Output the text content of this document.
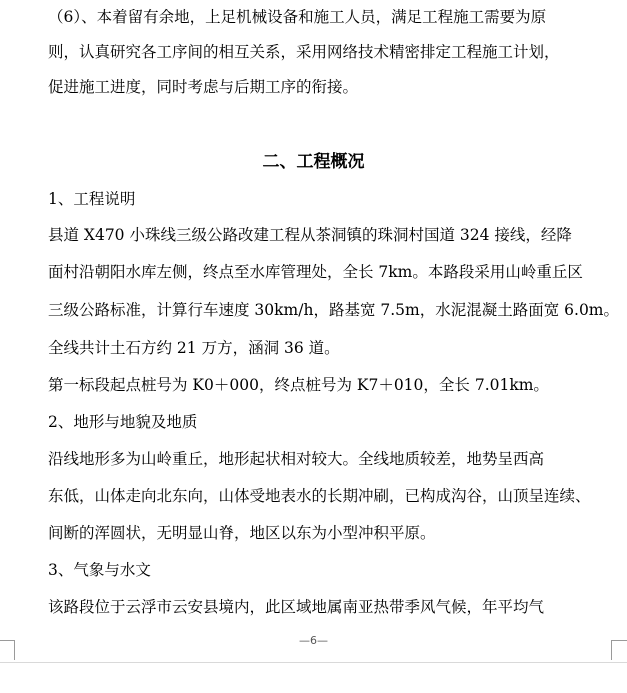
（6）、本着留有余地，上足机械设备和施工人员，满足工程施工需要为原
则，认真研究各工序间的相互关系，采用网络技术精密排定工程施工计划，
促进施工进度，同时考虑与后期工序的衔接。
二、工程概况
1、工程说明
县道 X470 小珠线三级公路改建工程从茶洞镇的珠洞村国道 324 接线，经降
面村沿朝阳水库左侧，终点至水库管理处，全长 7km。本路段采用山岭重丘区
三级公路标准，计算行车速度 30km/h，路基宽 7.5m，水泥混凝土路面宽 6.0m。
全线共计土石方约 21 万方，涵洞 36 道。
第一标段起点桩号为 K0＋000，终点桩号为 K7＋010，全长 7.01km。
2、地形与地貌及地质
沿线地形多为山岭重丘，地形起状相对较大。全线地质较差，地势呈西高
东低，山体走向北东向，山体受地表水的长期冲刷，已构成沟谷，山顶呈连续、
间断的浑圆状，无明显山脊，地区以东为小型冲积平原。
3、气象与水文
该路段位于云浮市云安县境内，此区域地属南亚热带季风气候，年平均气
—6—
